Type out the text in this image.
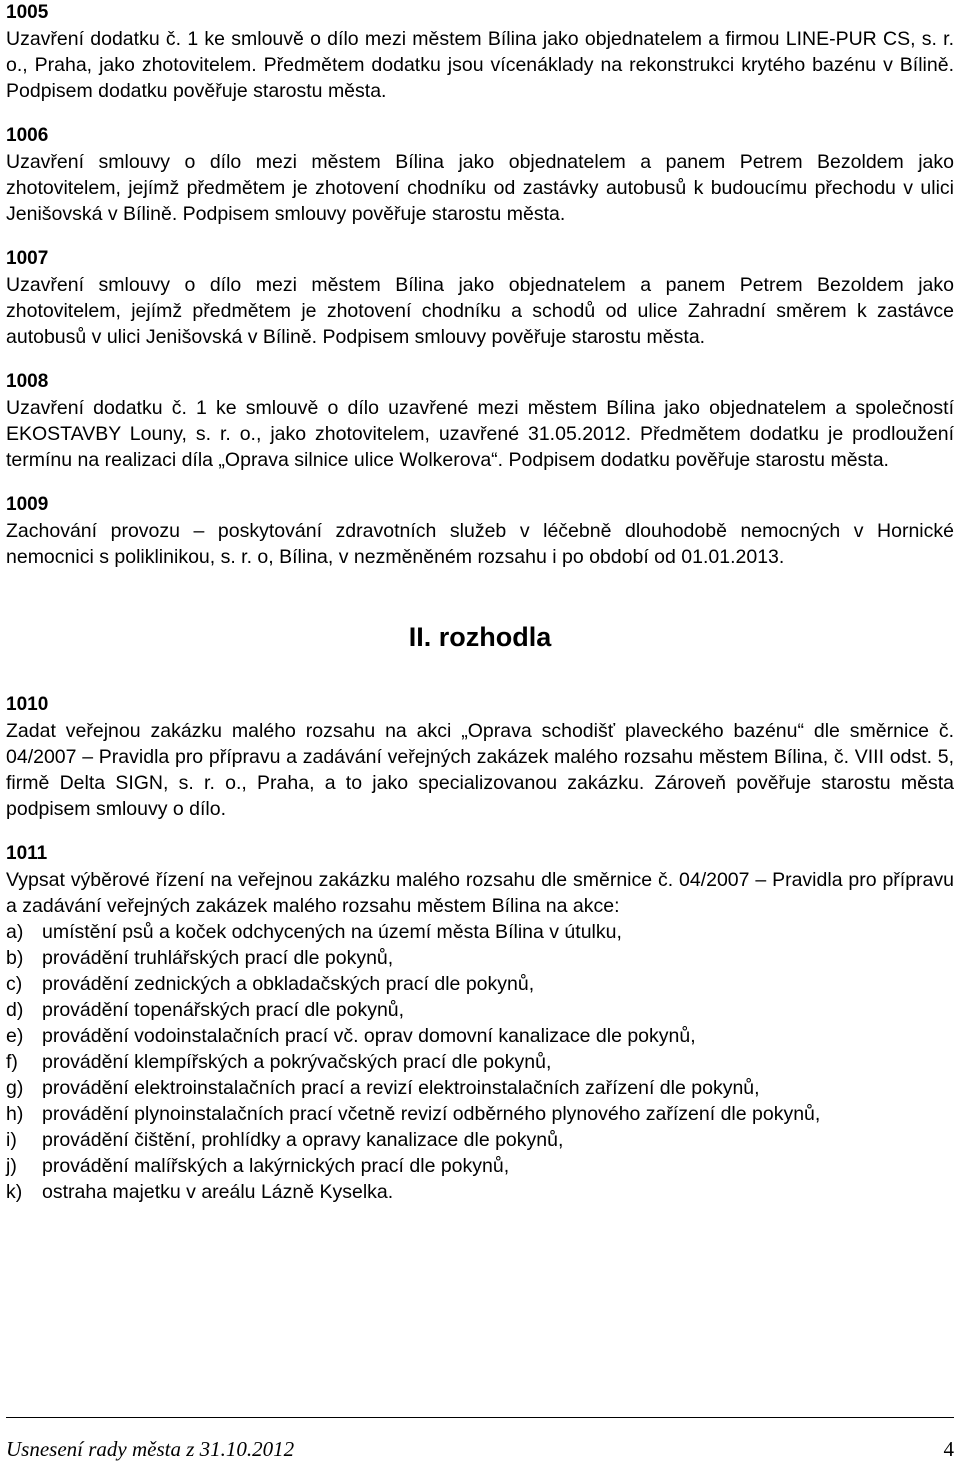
1005

Uzavření dodatku č. 1 ke smlouvě o dílo mezi městem Bílina jako objednatelem a firmou LINE-PUR CS, s. r. o., Praha, jako zhotovitelem. Předmětem dodatku jsou vícenáklady na rekonstrukci krytého bazénu v Bílině. Podpisem dodatku pověřuje starostu města.

1006

Uzavření smlouvy o dílo mezi městem Bílina jako objednatelem a panem Petrem Bezoldem jako zhotovitelem, jejímž předmětem je zhotovení chodníku od zastávky autobusů k budoucímu přechodu v ulici Jenišovská v Bílině. Podpisem smlouvy pověřuje starostu města.

1007

Uzavření smlouvy o dílo mezi městem Bílina jako objednatelem a panem Petrem Bezoldem jako zhotovitelem, jejímž předmětem je zhotovení chodníku a schodů od ulice Zahradní směrem k zastávce autobusů v ulici Jenišovská v Bílině. Podpisem smlouvy pověřuje starostu města.

1008

Uzavření dodatku č. 1 ke smlouvě o dílo uzavřené mezi městem Bílina jako objednatelem a společností EKOSTAVBY Louny, s. r. o., jako zhotovitelem, uzavřené 31.05.2012. Předmětem dodatku je prodloužení termínu na realizaci díla „Oprava silnice ulice Wolkerova“. Podpisem dodatku pověřuje starostu města.

1009

Zachování provozu – poskytování zdravotních služeb v léčebně dlouhodobě nemocných v Hornické nemocnici s poliklinikou, s. r. o, Bílina, v nezměněném rozsahu i po období od 01.01.2013.

II. rozhodla

1010

Zadat veřejnou zakázku malého rozsahu na akci „Oprava schodišť plaveckého bazénu“ dle směrnice č. 04/2007 – Pravidla pro přípravu a zadávání veřejných zakázek malého rozsahu městem Bílina, č. VIII odst. 5, firmě Delta SIGN, s. r. o., Praha, a to jako specializovanou zakázku. Zároveň pověřuje starostu města podpisem smlouvy o dílo.

1011

Vypsat výběrové řízení na veřejnou zakázku malého rozsahu dle směrnice č. 04/2007 – Pravidla pro přípravu a zadávání veřejných zakázek malého rozsahu městem Bílina na akce:

a) umístění psů a koček odchycených na území města Bílina v útulku,
b) provádění truhlářských prací dle pokynů,
c) provádění zednických a obkladačských prací dle pokynů,
d) provádění topenářských prací dle pokynů,
e) provádění vodoinstalačních prací vč. oprav domovní kanalizace dle pokynů,
f) provádění klempířských a pokrývačských prací dle pokynů,
g) provádění elektroinstalačních prací a revizí elektroinstalačních zařízení dle pokynů,
h) provádění plynoinstalačních prací včetně revizí odběrného plynového zařízení dle pokynů,
i) provádění čištění, prohlídky a opravy kanalizace dle pokynů,
j) provádění malířských a lakýrnických prací dle pokynů,
k) ostraha majetku v areálu Lázně Kyselka.
Usnesení rady města z 31.10.2012	4
